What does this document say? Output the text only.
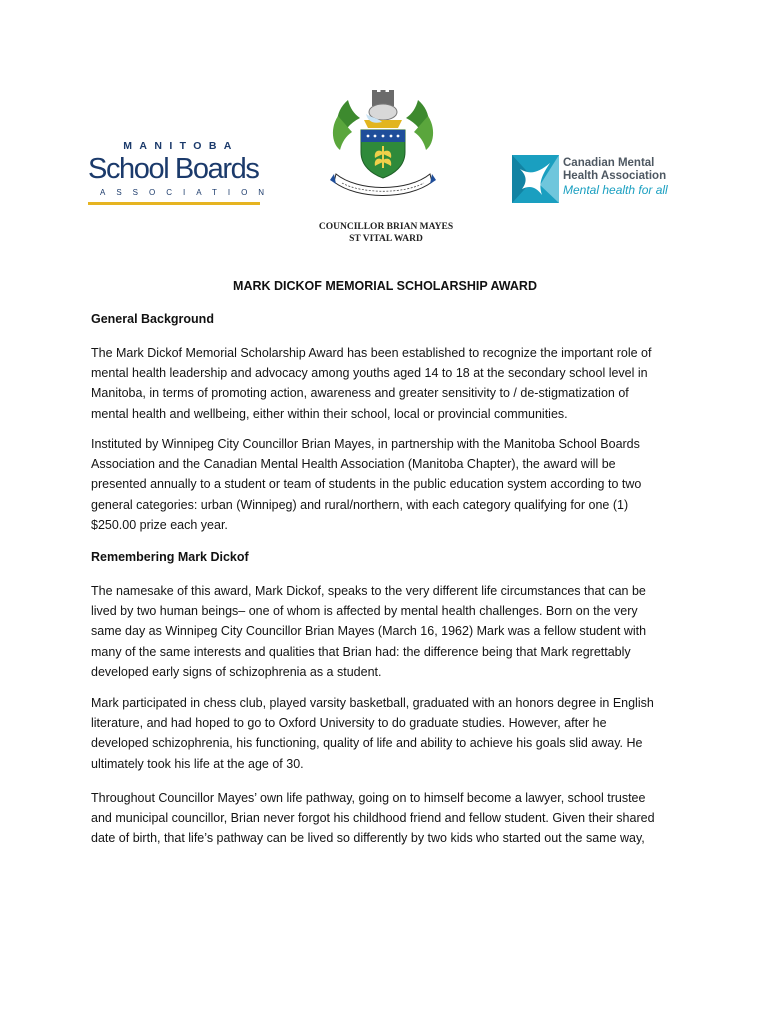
MANITOBA
School Boards
ASSOCIATION
Canadian Mental
Health Association
Mental health for all
COUNCILLOR BRIAN MAYES
ST VITAL WARD
MARK DICKOF MEMORIAL SCHOLARSHIP AWARD
General Background
The Mark Dickof Memorial Scholarship Award has been established to recognize the important role of
mental health leadership and advocacy among youths aged 14 to 18 at the secondary school level in
Manitoba, in terms of promoting action, awareness and greater sensitivity to / de-stigmatization of
mental health and wellbeing, either within their school, local or provincial communities.
Instituted by Winnipeg City Councillor Brian Mayes, in partnership with the Manitoba School Boards
Association and the Canadian Mental Health Association (Manitoba Chapter), the award will be
presented annually to a student or team of students in the public education system according to two
general categories: urban (Winnipeg) and rural/northern, with each category qualifying for one (1)
$250.00 prize each year.
Remembering Mark Dickof
The namesake of this award, Mark Dickof, speaks to the very different life circumstances that can be
lived by two human beings– one of whom is affected by mental health challenges. Born on the very
same day as Winnipeg City Councillor Brian Mayes (March 16, 1962) Mark was a fellow student with
many of the same interests and qualities that Brian had: the difference being that Mark regrettably
developed early signs of schizophrenia as a student.
Mark participated in chess club, played varsity basketball, graduated with an honors degree in English
literature, and had hoped to go to Oxford University to do graduate studies. However, after he
developed schizophrenia, his functioning, quality of life and ability to achieve his goals slid away. He
ultimately took his life at the age of 30.
Throughout Councillor Mayes’ own life pathway, going on to himself become a lawyer, school trustee
and municipal councillor, Brian never forgot his childhood friend and fellow student. Given their shared
date of birth, that life’s pathway can be lived so differently by two kids who started out the same way,
